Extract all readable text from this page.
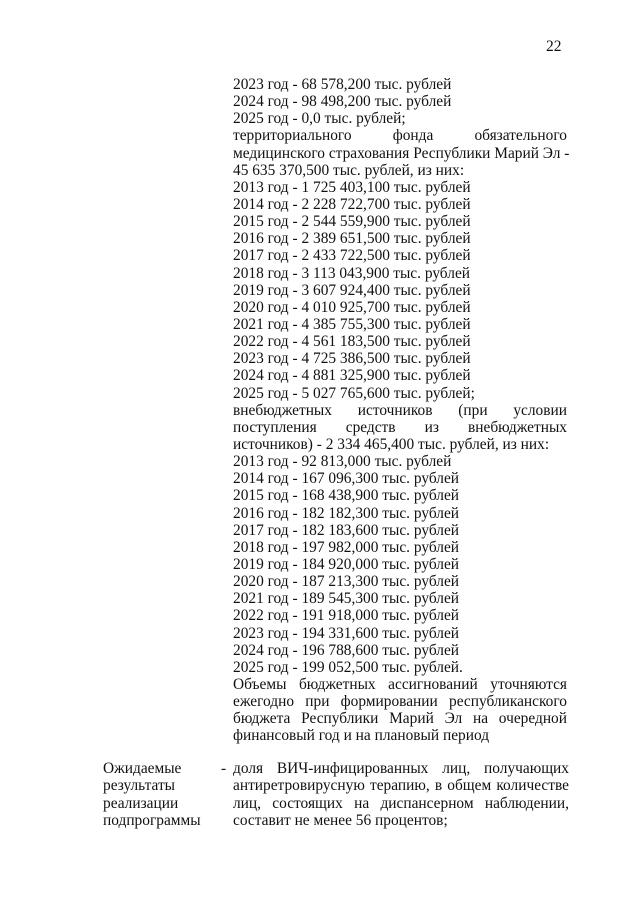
22
2023 год - 68 578,200 тыс. рублей
2024 год - 98 498,200 тыс. рублей
2025 год - 0,0 тыс. рублей;
территориального фонда обязательного
медицинского страхования Республики Марий Эл -
45 635 370,500 тыс. рублей, из них:
2013 год - 1 725 403,100 тыс. рублей
2014 год - 2 228 722,700 тыс. рублей
2015 год - 2 544 559,900 тыс. рублей
2016 год - 2 389 651,500 тыс. рублей
2017 год - 2 433 722,500 тыс. рублей
2018 год - 3 113 043,900 тыс. рублей
2019 год - 3 607 924,400 тыс. рублей
2020 год - 4 010 925,700 тыс. рублей
2021 год - 4 385 755,300 тыс. рублей
2022 год - 4 561 183,500 тыс. рублей
2023 год - 4 725 386,500 тыс. рублей
2024 год - 4 881 325,900 тыс. рублей
2025 год - 5 027 765,600 тыс. рублей;
внебюджетных источников (при условии
поступления средств из внебюджетных
источников) - 2 334 465,400 тыс. рублей, из них:
2013 год - 92 813,000 тыс. рублей
2014 год - 167 096,300 тыс. рублей
2015 год - 168 438,900 тыс. рублей
2016 год - 182 182,300 тыс. рублей
2017 год - 182 183,600 тыс. рублей
2018 год - 197 982,000 тыс. рублей
2019 год - 184 920,000 тыс. рублей
2020 год - 187 213,300 тыс. рублей
2021 год - 189 545,300 тыс. рублей
2022 год - 191 918,000 тыс. рублей
2023 год - 194 331,600 тыс. рублей
2024 год - 196 788,600 тыс. рублей
2025 год - 199 052,500 тыс. рублей.
Объемы бюджетных ассигнований уточняются
ежегодно при формировании республиканского
бюджета Республики Марий Эл на очередной
финансовый год и на плановый период
Ожидаемые
результаты
реализации
подпрограммы
- доля ВИЧ-инфицированных лиц, получающих
антиретровирусную терапию, в общем количестве
лиц, состоящих на диспансерном наблюдении,
составит не менее 56 процентов;
